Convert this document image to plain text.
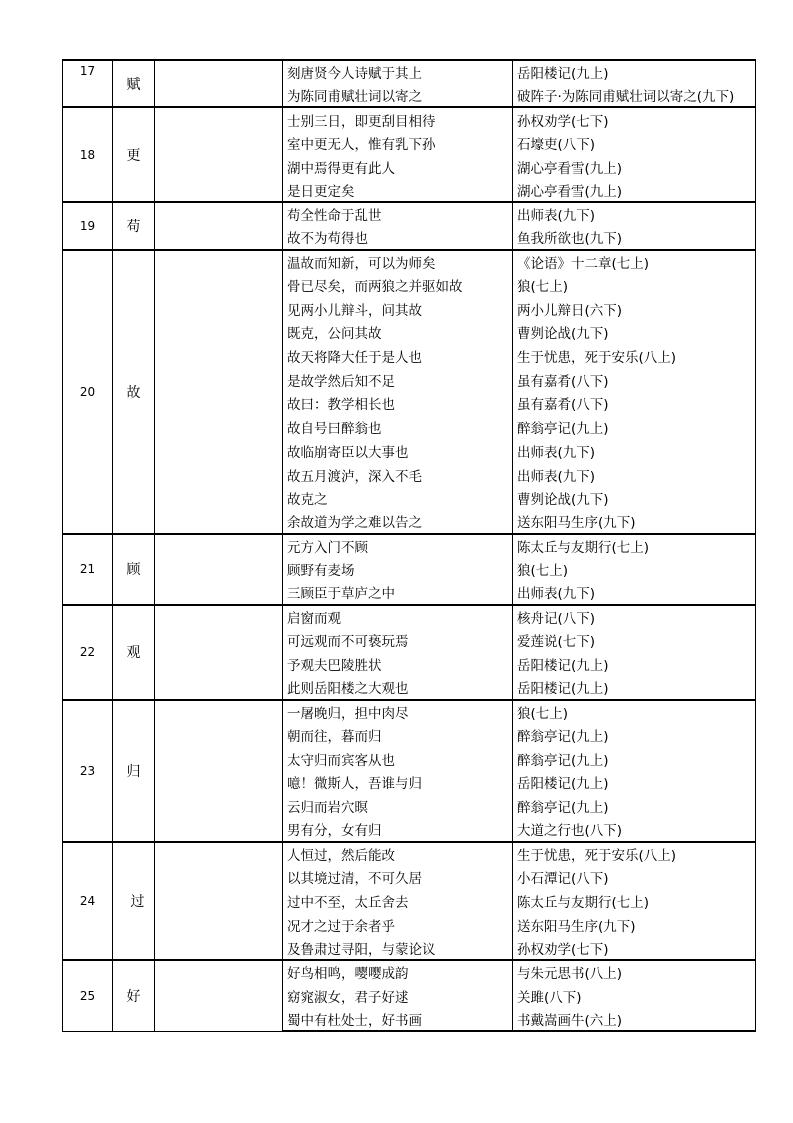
17	赋		刻唐贤今人诗赋于其上	岳阳楼记(九上)
			为陈同甫赋壮词以寄之	破阵子·为陈同甫赋壮词以寄之(九下)
18	更		士别三日，即更刮目相待	孙权劝学(七下)
			室中更无人，惟有乳下孙	石壕吏(八下)
			湖中焉得更有此人	湖心亭看雪(九上)
			是日更定矣	湖心亭看雪(九上)
19	苟		苟全性命于乱世	出师表(九下)
			故不为苟得也	鱼我所欲也(九下)
20	故		温故而知新，可以为师矣	《论语》十二章(七上)
			骨已尽矣，而两狼之并驱如故	狼(七上)
			见两小儿辩斗，问其故	两小儿辩日(六下)
			既克，公问其故	曹刿论战(九下)
			故天将降大任于是人也	生于忧患，死于安乐(八上)
			是故学然后知不足	虽有嘉肴(八下)
			故曰：教学相长也	虽有嘉肴(八下)
			故自号曰醉翁也	醉翁亭记(九上)
			故临崩寄臣以大事也	出师表(九下)
			故五月渡泸，深入不毛	出师表(九下)
			故克之	曹刿论战(九下)
			余故道为学之难以告之	送东阳马生序(九下)
21	顾		元方入门不顾	陈太丘与友期行(七上)
			顾野有麦场	狼(七上)
			三顾臣于草庐之中	出师表(九下)
22	观		启窗而观	核舟记(八下)
			可远观而不可亵玩焉	爱莲说(七下)
			予观夫巴陵胜状	岳阳楼记(九上)
			此则岳阳楼之大观也	岳阳楼记(九上)
23	归		一屠晚归，担中肉尽	狼(七上)
			朝而往，暮而归	醉翁亭记(九上)
			太守归而宾客从也	醉翁亭记(九上)
			噫！微斯人，吾谁与归	岳阳楼记(九上)
			云归而岩穴暝	醉翁亭记(九上)
			男有分，女有归	大道之行也(八下)
24	过		人恒过，然后能改	生于忧患，死于安乐(八上)
			以其境过清，不可久居	小石潭记(八下)
			过中不至，太丘舍去	陈太丘与友期行(七上)
			况才之过于余者乎	送东阳马生序(九下)
			及鲁肃过寻阳，与蒙论议	孙权劝学(七下)
25	好		好鸟相鸣，嘤嘤成韵	与朱元思书(八上)
			窈窕淑女，君子好逑	关雎(八下)
			蜀中有杜处士，好书画	书戴嵩画牛(六上)
